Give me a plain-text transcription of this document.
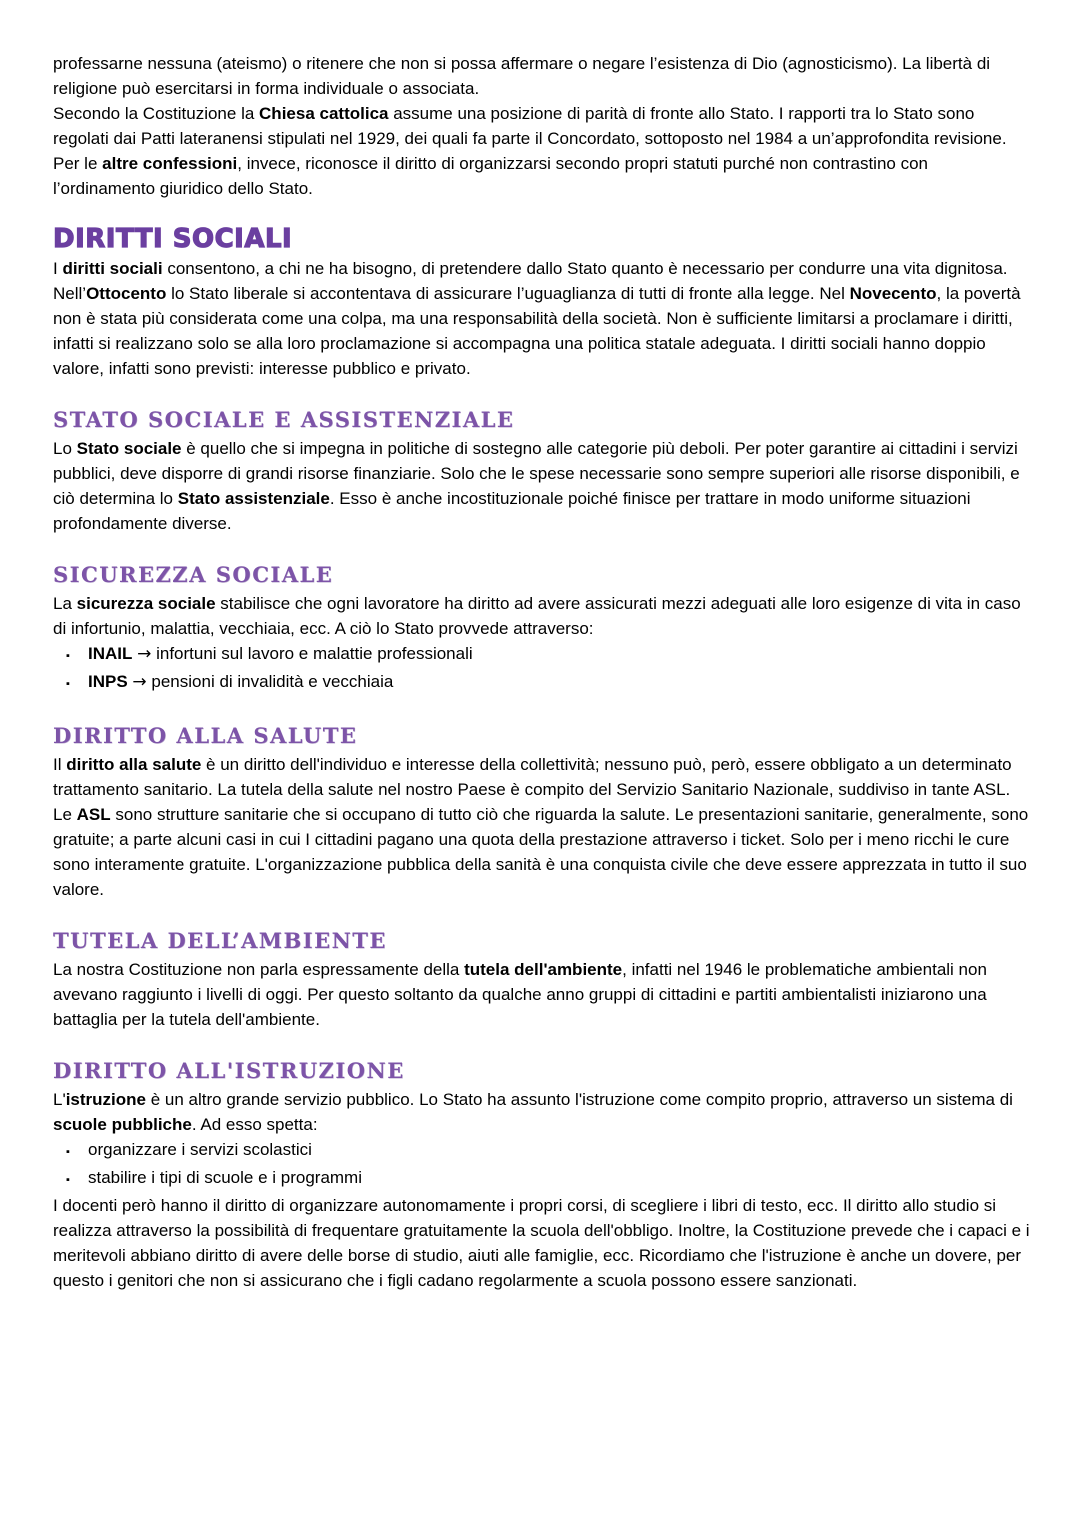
professarne nessuna (ateismo) o ritenere che non si possa affermare o negare l’esistenza di Dio (agnosticismo). La libertà di religione può esercitarsi in forma individuale o associata.

Secondo la Costituzione la Chiesa cattolica assume una posizione di parità di fronte allo Stato. I rapporti tra lo Stato sono regolati dai Patti lateranensi stipulati nel 1929, dei quali fa parte il Concordato, sottoposto nel 1984 a un’approfondita revisione.

Per le altre confessioni, invece, riconosce il diritto di organizzarsi secondo propri statuti purché non contrastino con l’ordinamento giuridico dello Stato.

DIRITTI SOCIALI

I diritti sociali consentono, a chi ne ha bisogno, di pretendere dallo Stato quanto è necessario per condurre una vita dignitosa.

Nell’Ottocento lo Stato liberale si accontentava di assicurare l’uguaglianza di tutti di fronte alla legge. Nel Novecento, la povertà non è stata più considerata come una colpa, ma una responsabilità della società. Non è sufficiente limitarsi a proclamare i diritti, infatti si realizzano solo se alla loro proclamazione si accompagna una politica statale adeguata. I diritti sociali hanno doppio valore, infatti sono previsti: interesse pubblico e privato.

STATO SOCIALE E ASSISTENZIALE

Lo Stato sociale è quello che si impegna in politiche di sostegno alle categorie più deboli. Per poter garantire ai cittadini i servizi pubblici, deve disporre di grandi risorse finanziarie. Solo che le spese necessarie sono sempre superiori alle risorse disponibili, e ciò determina lo Stato assistenziale. Esso è anche incostituzionale poiché finisce per trattare in modo uniforme situazioni profondamente diverse.

SICUREZZA SOCIALE

La sicurezza sociale stabilisce che ogni lavoratore ha diritto ad avere assicurati mezzi adeguati alle loro esigenze di vita in caso di infortunio, malattia, vecchiaia, ecc. A ciò lo Stato provvede attraverso:

▪	INAIL → infortuni sul lavoro e malattie professionali
▪	INPS → pensioni di invalidità e vecchiaia
DIRITTO ALLA SALUTE

Il diritto alla salute è un diritto dell'individuo e interesse della collettività; nessuno può, però, essere obbligato a un determinato trattamento sanitario. La tutela della salute nel nostro Paese è compito del Servizio Sanitario Nazionale, suddiviso in tante ASL. Le ASL sono strutture sanitarie che si occupano di tutto ciò che riguarda la salute. Le presentazioni sanitarie, generalmente, sono gratuite; a parte alcuni casi in cui I cittadini pagano una quota della prestazione attraverso i ticket. Solo per i meno ricchi le cure sono interamente gratuite. L'organizzazione pubblica della sanità è una conquista civile che deve essere apprezzata in tutto il suo valore.

TUTELA DELL’AMBIENTE

La nostra Costituzione non parla espressamente della tutela dell'ambiente, infatti nel 1946 le problematiche ambientali non avevano raggiunto i livelli di oggi. Per questo soltanto da qualche anno gruppi di cittadini e partiti ambientalisti iniziarono una battaglia per la tutela dell'ambiente.

DIRITTO ALL'ISTRUZIONE

L'istruzione è un altro grande servizio pubblico. Lo Stato ha assunto l'istruzione come compito proprio, attraverso un sistema di scuole pubbliche. Ad esso spetta:

▪	organizzare i servizi scolastici
▪	stabilire i tipi di scuole e i programmi

I docenti però hanno il diritto di organizzare autonomamente i propri corsi, di scegliere i libri di testo, ecc. Il diritto allo studio si realizza attraverso la possibilità di frequentare gratuitamente la scuola dell'obbligo. Inoltre, la Costituzione prevede che i capaci e i meritevoli abbiano diritto di avere delle borse di studio, aiuti alle famiglie, ecc. Ricordiamo che l'istruzione è anche un dovere, per questo i genitori che non si assicurano che i figli cadano regolarmente a scuola possono essere sanzionati.
